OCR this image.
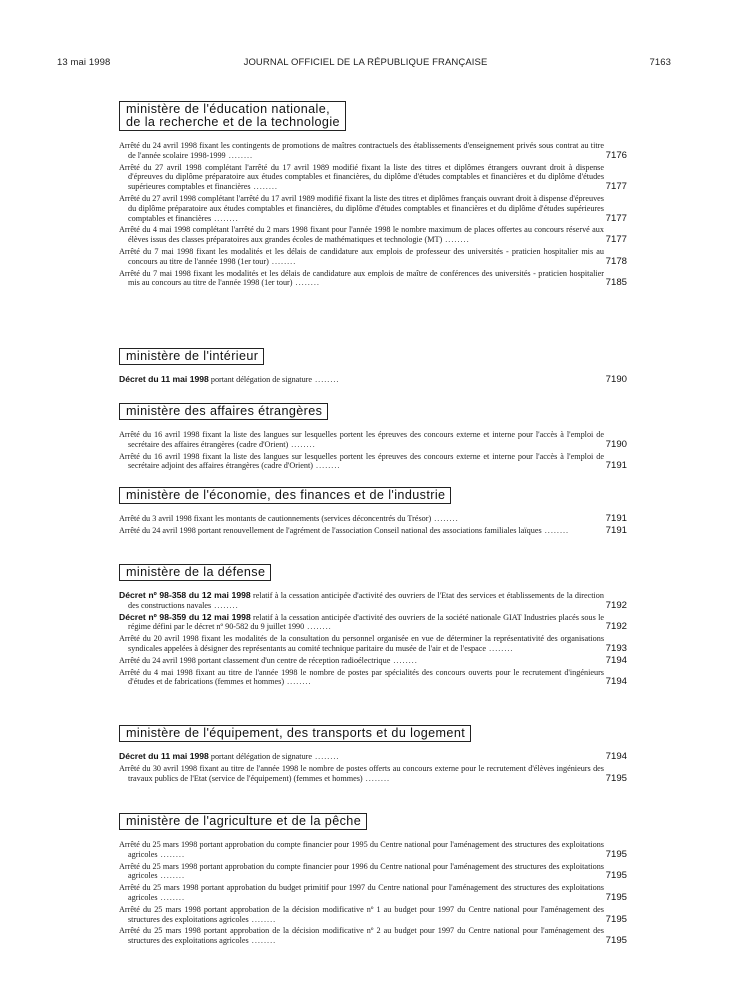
JOURNAL OFFICIEL DE LA RÉPUBLIQUE FRANÇAISE
13 mai 1998	7163
ministère de l'éducation nationale,
de la recherche et de la technologie
Arrêté du 24 avril 1998 fixant les contingents de promotions de maîtres contractuels des établissements d'enseignement privés sous contrat au titre de l'année scolaire 1998-1999 ........	7176
Arrêté du 27 avril 1998 complétant l'arrêté du 17 avril 1989 modifié fixant la liste des titres et diplômes étrangers ouvrant droit à dispense d'épreuves du diplôme préparatoire aux études comptables et financières, du diplôme d'études comptables et financières et du diplôme d'études supérieures comptables et financières ........	7177
Arrêté du 27 avril 1998 complétant l'arrêté du 17 avril 1989 modifié fixant la liste des titres et diplômes français ouvrant droit à dispense d'épreuves du diplôme préparatoire aux études comptables et financières, du diplôme d'études comptables et financières et du diplôme d'études supérieures comptables et financières ........	7177
Arrêté du 4 mai 1998 complétant l'arrêté du 2 mars 1998 fixant pour l'année 1998 le nombre maximum de places offertes au concours réservé aux élèves issus des classes préparatoires aux grandes écoles de mathématiques et technologie (MT) ........	7177
Arrêté du 7 mai 1998 fixant les modalités et les délais de candidature aux emplois de professeur des universités - praticien hospitalier mis au concours au titre de l'année 1998 (1er tour) ........	7178
Arrêté du 7 mai 1998 fixant les modalités et les délais de candidature aux emplois de maître de conférences des universités - praticien hospitalier mis au concours au titre de l'année 1998 (1er tour) ........	7185
ministère de l'intérieur
Décret du 11 mai 1998 portant délégation de signature ........	7190
ministère des affaires étrangères
Arrêté du 16 avril 1998 fixant la liste des langues sur lesquelles portent les épreuves des concours externe et interne pour l'accès à l'emploi de secrétaire des affaires étrangères (cadre d'Orient) ........	7190
Arrêté du 16 avril 1998 fixant la liste des langues sur lesquelles portent les épreuves des concours externe et interne pour l'accès à l'emploi de secrétaire adjoint des affaires étrangères (cadre d'Orient) ........	7191
ministère de l'économie, des finances et de l'industrie
Arrêté du 3 avril 1998 fixant les montants de cautionnements (services déconcentrés du Trésor) ........	7191
Arrêté du 24 avril 1998 portant renouvellement de l'agrément de l'association Conseil national des associations familiales laïques ........	7191
ministère de la défense
Décret nº 98-358 du 12 mai 1998 relatif à la cessation anticipée d'activité des ouvriers de l'Etat des services et établissements de la direction des constructions navales ........	7192
Décret nº 98-359 du 12 mai 1998 relatif à la cessation anticipée d'activité des ouvriers de la société nationale GIAT Industries placés sous le régime défini par le décret nº 90-582 du 9 juillet 1990 ........	7192
Arrêté du 20 avril 1998 fixant les modalités de la consultation du personnel organisée en vue de déterminer la représentativité des organisations syndicales appelées à désigner des représentants au comité technique paritaire du musée de l'air et de l'espace ........	7193
Arrêté du 24 avril 1998 portant classement d'un centre de réception radioélectrique ........	7194
Arrêté du 4 mai 1998 fixant au titre de l'année 1998 le nombre de postes par spécialités des concours ouverts pour le recrutement d'ingénieurs d'études et de fabrications (femmes et hommes) ........	7194
ministère de l'équipement, des transports et du logement
Décret du 11 mai 1998 portant délégation de signature ........	7194
Arrêté du 30 avril 1998 fixant au titre de l'année 1998 le nombre de postes offerts au concours externe pour le recrutement d'élèves ingénieurs des travaux publics de l'Etat (service de l'équipement) (femmes et hommes) ........	7195
ministère de l'agriculture et de la pêche
Arrêté du 25 mars 1998 portant approbation du compte financier pour 1995 du Centre national pour l'aménagement des structures des exploitations agricoles ........	7195
Arrêté du 25 mars 1998 portant approbation du compte financier pour 1996 du Centre national pour l'aménagement des structures des exploitations agricoles ........	7195
Arrêté du 25 mars 1998 portant approbation du budget primitif pour 1997 du Centre national pour l'aménagement des structures des exploitations agricoles ........	7195
Arrêté du 25 mars 1998 portant approbation de la décision modificative nº 1 au budget pour 1997 du Centre national pour l'aménagement des structures des exploitations agricoles ........	7195
Arrêté du 25 mars 1998 portant approbation de la décision modificative nº 2 au budget pour 1997 du Centre national pour l'aménagement des structures des exploitations agricoles ........	7195
